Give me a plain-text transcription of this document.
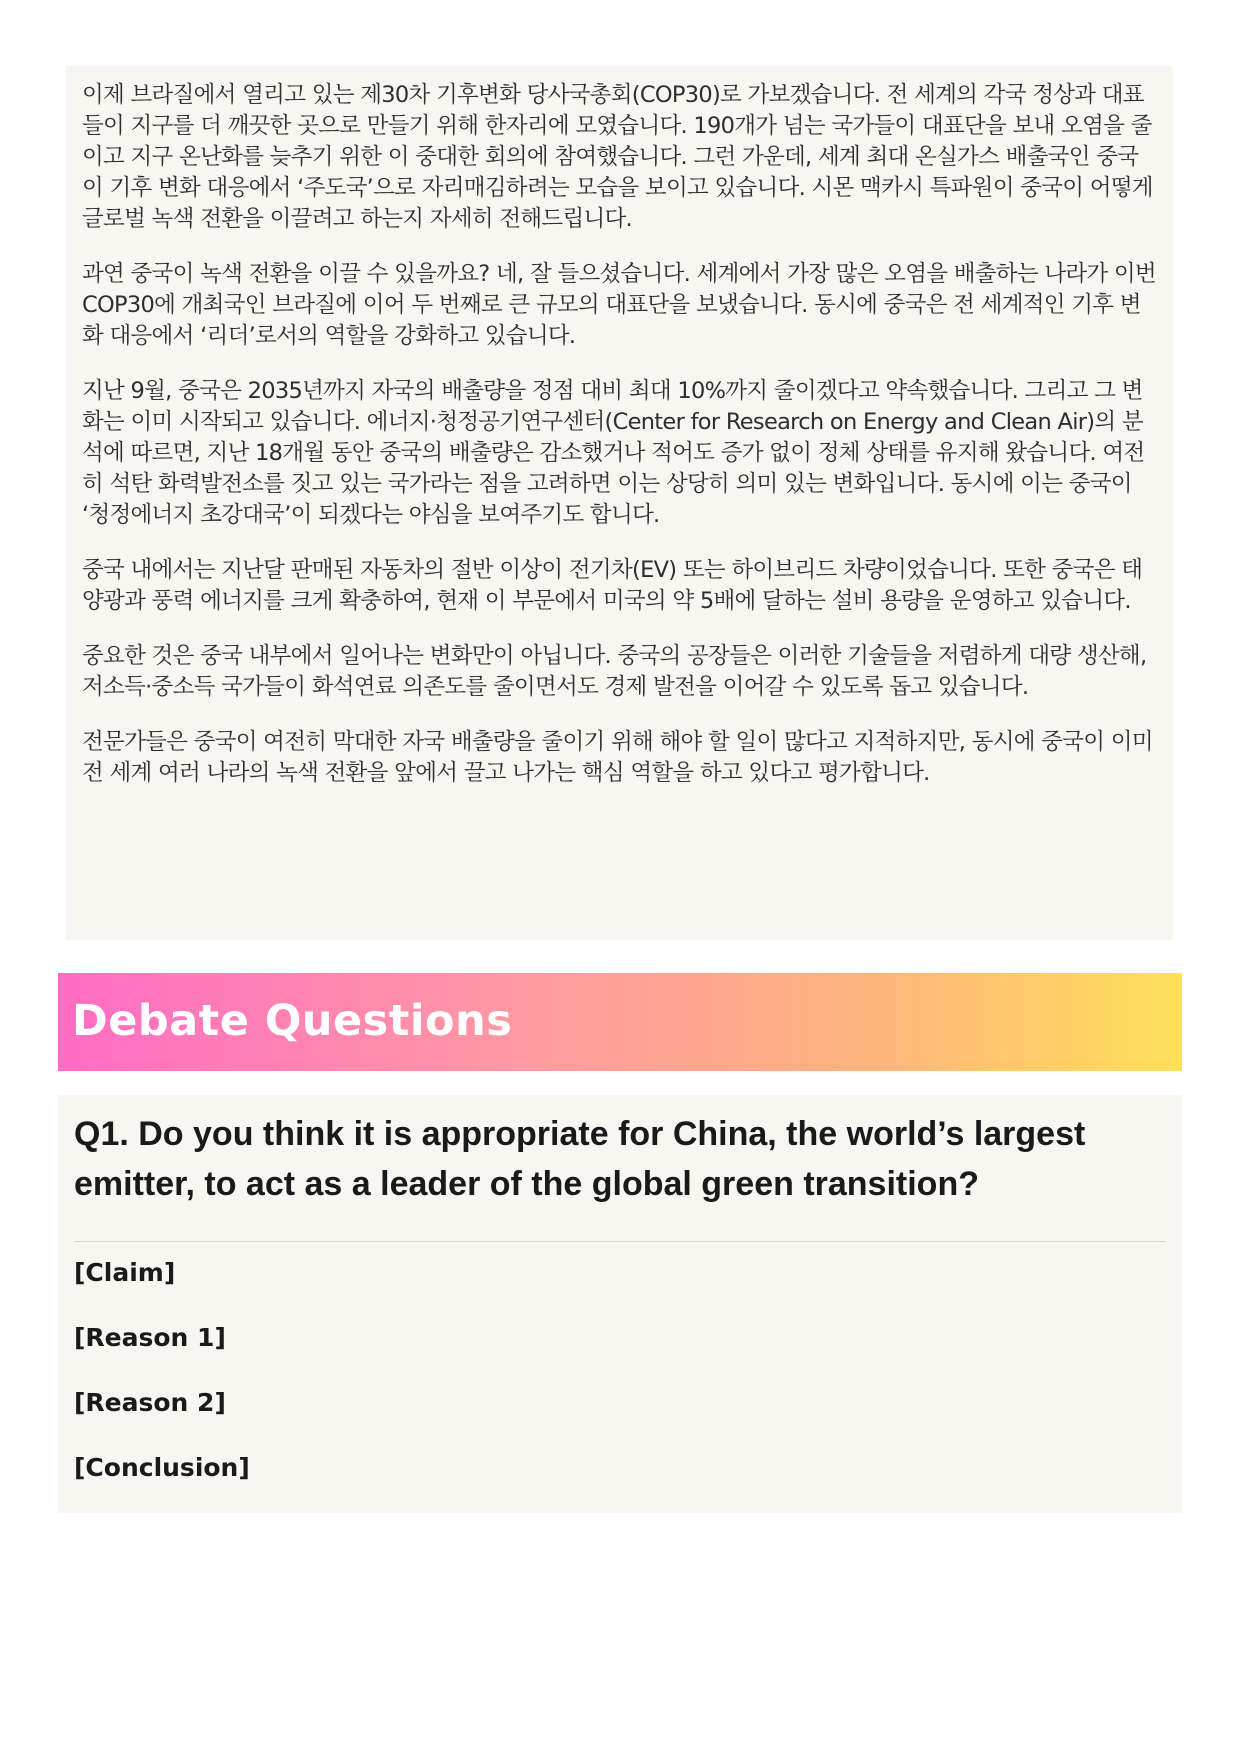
이제 브라질에서 열리고 있는 제30차 기후변화 당사국총회(COP30)로 가보겠습니다. 전 세계의 각국 정상과 대표들이 지구를 더 깨끗한 곳으로 만들기 위해 한자리에 모였습니다. 190개가 넘는 국가들이 대표단을 보내 오염을 줄이고 지구 온난화를 늦추기 위한 이 중대한 회의에 참여했습니다. 그런 가운데, 세계 최대 온실가스 배출국인 중국이 기후 변화 대응에서 ‘주도국’으로 자리매김하려는 모습을 보이고 있습니다. 시몬 맥카시 특파원이 중국이 어떻게 글로벌 녹색 전환을 이끌려고 하는지 자세히 전해드립니다.

과연 중국이 녹색 전환을 이끌 수 있을까요? 네, 잘 들으셨습니다. 세계에서 가장 많은 오염을 배출하는 나라가 이번 COP30에 개최국인 브라질에 이어 두 번째로 큰 규모의 대표단을 보냈습니다. 동시에 중국은 전 세계적인 기후 변화 대응에서 ‘리더’로서의 역할을 강화하고 있습니다.

지난 9월, 중국은 2035년까지 자국의 배출량을 정점 대비 최대 10%까지 줄이겠다고 약속했습니다. 그리고 그 변화는 이미 시작되고 있습니다. 에너지·청정공기연구센터(Center for Research on Energy and Clean Air)의 분석에 따르면, 지난 18개월 동안 중국의 배출량은 감소했거나 적어도 증가 없이 정체 상태를 유지해 왔습니다. 여전히 석탄 화력발전소를 짓고 있는 국가라는 점을 고려하면 이는 상당히 의미 있는 변화입니다. 동시에 이는 중국이 ‘청정에너지 초강대국’이 되겠다는 야심을 보여주기도 합니다.

중국 내에서는 지난달 판매된 자동차의 절반 이상이 전기차(EV) 또는 하이브리드 차량이었습니다. 또한 중국은 태양광과 풍력 에너지를 크게 확충하여, 현재 이 부문에서 미국의 약 5배에 달하는 설비 용량을 운영하고 있습니다.

중요한 것은 중국 내부에서 일어나는 변화만이 아닙니다. 중국의 공장들은 이러한 기술들을 저렴하게 대량 생산해, 저소득·중소득 국가들이 화석연료 의존도를 줄이면서도 경제 발전을 이어갈 수 있도록 돕고 있습니다.

전문가들은 중국이 여전히 막대한 자국 배출량을 줄이기 위해 해야 할 일이 많다고 지적하지만, 동시에 중국이 이미 전 세계 여러 나라의 녹색 전환을 앞에서 끌고 나가는 핵심 역할을 하고 있다고 평가합니다.

Debate Questions
Q1. Do you think it is appropriate for China, the world’s largest emitter, to act as a leader of the global green transition?
[Claim]
[Reason 1]
[Reason 2]
[Conclusion]
